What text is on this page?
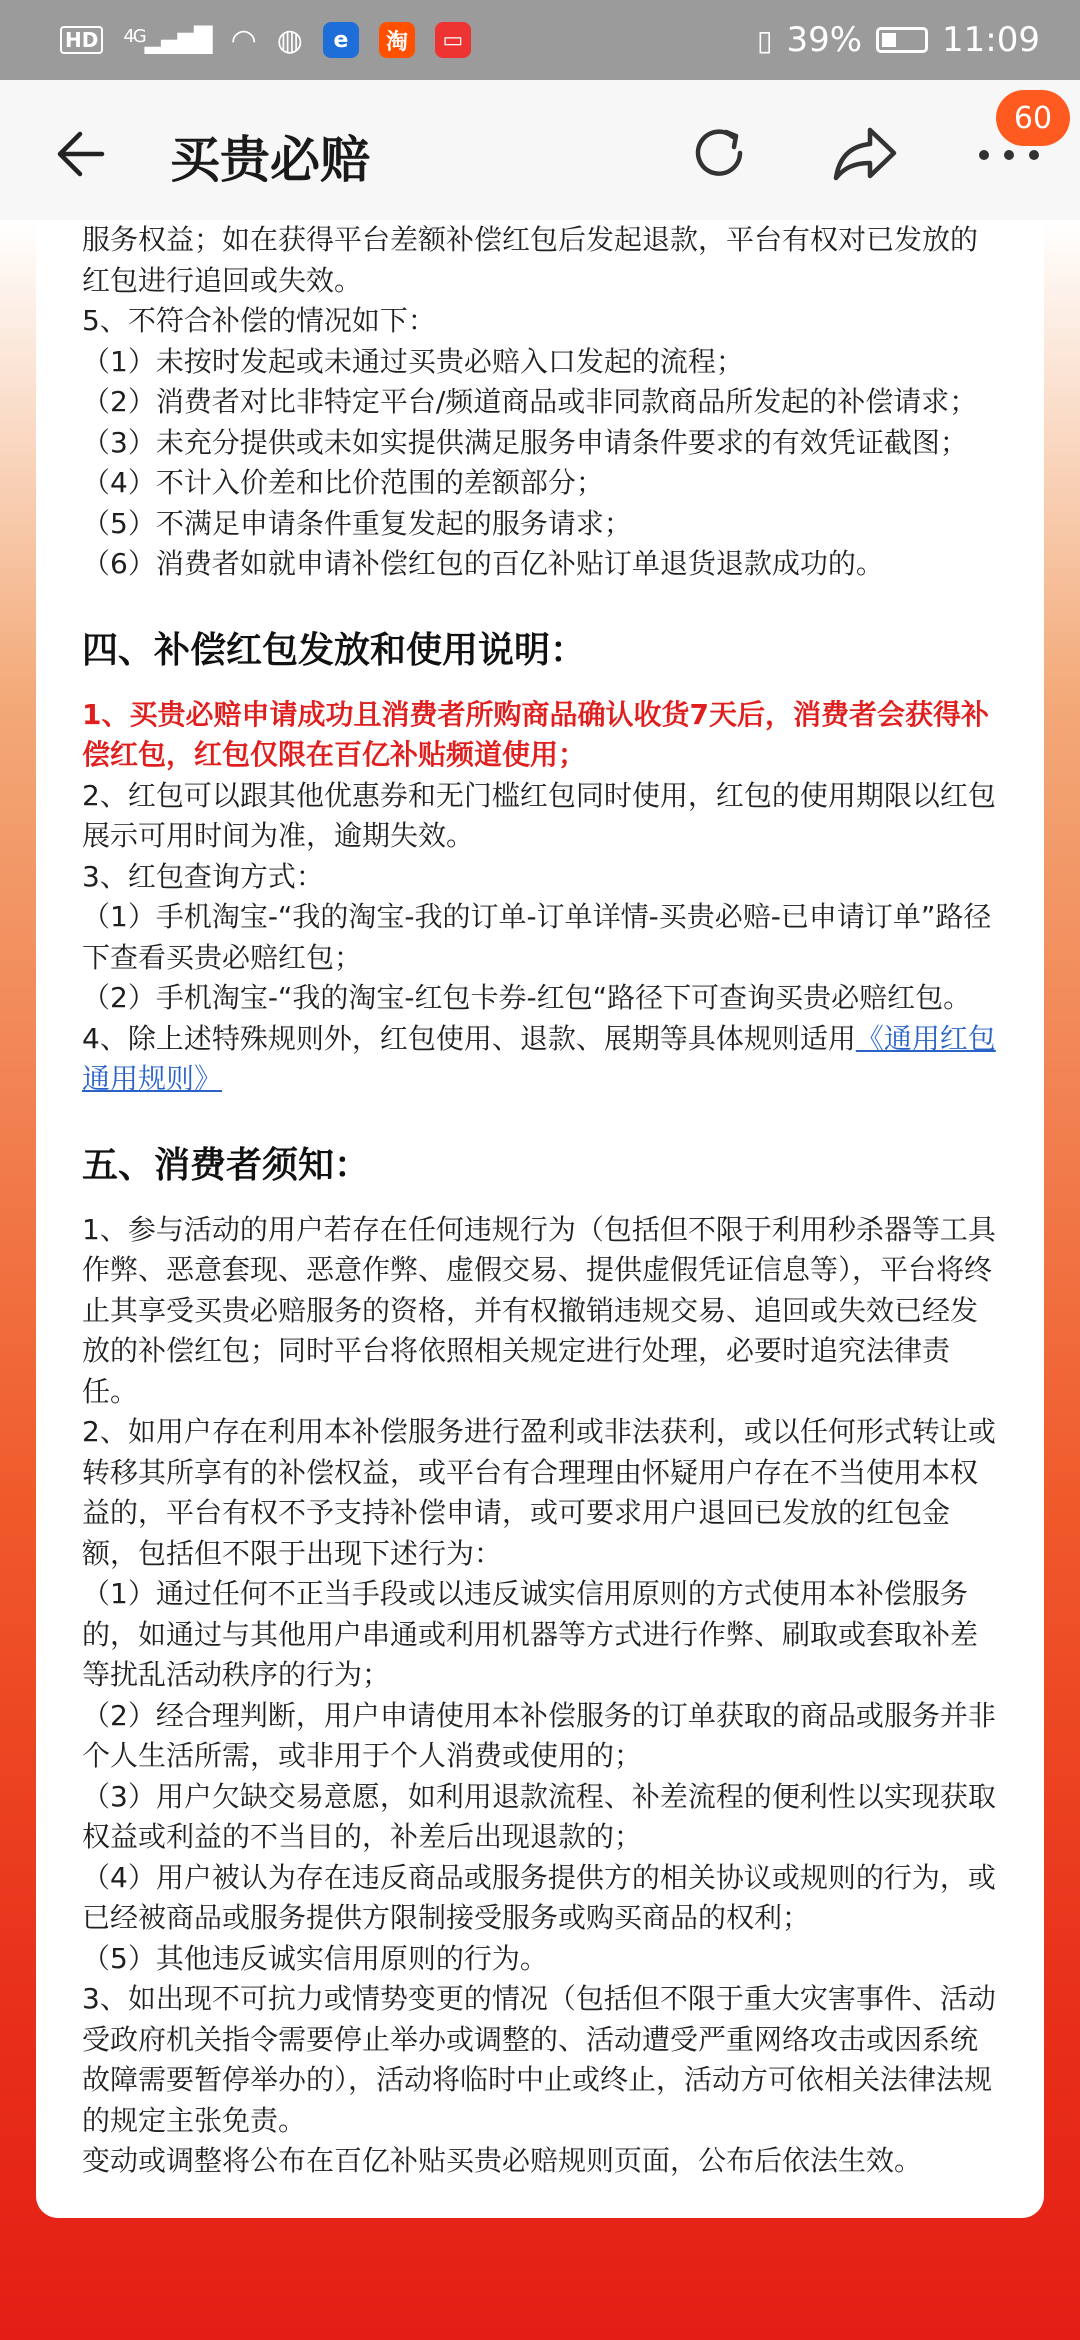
HD $^{4G}$▂▄▆█ ◠ ◍	e	淘	▭	▯ 39% 11:09
买贵必赔
60
服务权益；如在获得平台差额补偿红包后发起退款，平台有权对已发放的红包进行追回或失效。
5、不符合补偿的情况如下：
（1）未按时发起或未通过买贵必赔入口发起的流程；
（2）消费者对比非特定平台/频道商品或非同款商品所发起的补偿请求；
（3）未充分提供或未如实提供满足服务申请条件要求的有效凭证截图；
（4）不计入价差和比价范围的差额部分；
（5）不满足申请条件重复发起的服务请求；
（6）消费者如就申请补偿红包的百亿补贴订单退货退款成功的。
四、补偿红包发放和使用说明：
1、买贵必赔申请成功且消费者所购商品确认收货7天后，消费者会获得补偿红包，红包仅限在百亿补贴频道使用；
2、红包可以跟其他优惠券和无门槛红包同时使用，红包的使用期限以红包展示可用时间为准，逾期失效。
3、红包查询方式：
（1）手机淘宝-“我的淘宝-我的订单-订单详情-买贵必赔-已申请订单”路径下查看买贵必赔红包；
（2）手机淘宝-“我的淘宝-红包卡券-红包“路径下可查询买贵必赔红包。
4、除上述特殊规则外，红包使用、退款、展期等具体规则适用《通用红包通用规则》
五、消费者须知：
1、参与活动的用户若存在任何违规行为（包括但不限于利用秒杀器等工具作弊、恶意套现、恶意作弊、虚假交易、提供虚假凭证信息等），平台将终止其享受买贵必赔服务的资格，并有权撤销违规交易、追回或失效已经发放的补偿红包；同时平台将依照相关规定进行处理，必要时追究法律责任。
2、如用户存在利用本补偿服务进行盈利或非法获利，或以任何形式转让或转移其所享有的补偿权益，或平台有合理理由怀疑用户存在不当使用本权益的，平台有权不予支持补偿申请，或可要求用户退回已发放的红包金额，包括但不限于出现下述行为：
（1）通过任何不正当手段或以违反诚实信用原则的方式使用本补偿服务的，如通过与其他用户串通或利用机器等方式进行作弊、刷取或套取补差等扰乱活动秩序的行为；
（2）经合理判断，用户申请使用本补偿服务的订单获取的商品或服务并非个人生活所需，或非用于个人消费或使用的；
（3）用户欠缺交易意愿，如利用退款流程、补差流程的便利性以实现获取权益或利益的不当目的，补差后出现退款的；
（4）用户被认为存在违反商品或服务提供方的相关协议或规则的行为，或已经被商品或服务提供方限制接受服务或购买商品的权利；
（5）其他违反诚实信用原则的行为。
3、如出现不可抗力或情势变更的情况（包括但不限于重大灾害事件、活动受政府机关指令需要停止举办或调整的、活动遭受严重网络攻击或因系统故障需要暂停举办的），活动将临时中止或终止，活动方可依相关法律法规的规定主张免责。
变动或调整将公布在百亿补贴买贵必赔规则页面，公布后依法生效。
